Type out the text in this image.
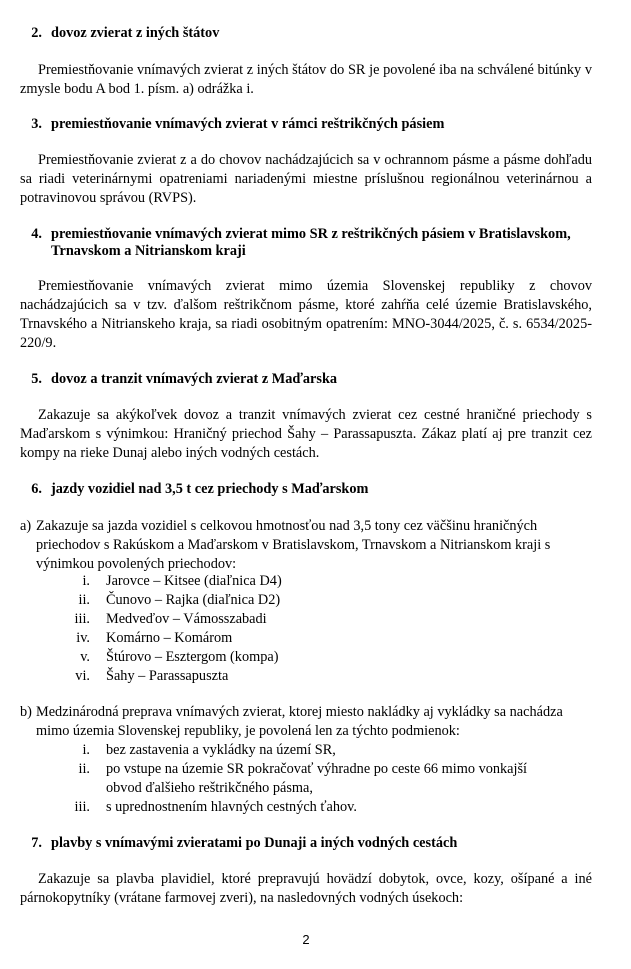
2. dovoz zvierat z iných štátov

Premiestňovanie vnímavých zvierat z iných štátov do SR je povolené iba na schválené bitúnky v zmysle bodu A bod 1. písm. a) odrážka i.

3. premiestňovanie vnímavých zvierat v rámci reštrikčných pásiem

Premiestňovanie zvierat z a do chovov nachádzajúcich sa v ochrannom pásme a pásme dohľadu sa riadi veterinárnymi opatreniami nariadenými miestne príslušnou regionálnou veterinárnou a potravinovou správou (RVPS).

4. premiestňovanie vnímavých zvierat mimo SR z reštrikčných pásiem v Bratislavskom, Trnavskom a Nitrianskom kraji

Premiestňovanie vnímavých zvierat mimo územia Slovenskej republiky z chovov nachádzajúcich sa v tzv. ďalšom reštrikčnom pásme, ktoré zahŕňa celé územie Bratislavského, Trnavského a Nitrianskeho kraja, sa riadi osobitným opatrením: MNO-3044/2025, č. s. 6534/2025-220/9.

5. dovoz a tranzit vnímavých zvierat z Maďarska

Zakazuje sa akýkoľvek dovoz a tranzit vnímavých zvierat cez cestné hraničné priechody s Maďarskom s výnimkou: Hraničný priechod Šahy – Parassapuszta. Zákaz platí aj pre tranzit cez kompy na rieke Dunaj alebo iných vodných cestách.

6. jazdy vozidiel nad 3,5 t cez priechody s Maďarskom
a) Zakazuje sa jazda vozidiel s celkovou hmotnosťou nad 3,5 tony cez väčšinu hraničných priechodov s Rakúskom a Maďarskom v Bratislavskom, Trnavskom a Nitrianskom kraji s výnimkou povolených priechodov:
i. Jarovce – Kitsee (diaľnica D4)
ii. Čunovo – Rajka (diaľnica D2)
iii. Medveďov – Vámosszabadi
iv. Komárno – Komárom
v. Štúrovo – Esztergom (kompa)
vi. Šahy – Parassapuszta
b) Medzinárodná preprava vnímavých zvierat, ktorej miesto nakládky aj vykládky sa nachádza mimo územia Slovenskej republiky, je povolená len za týchto podmienok:
i. bez zastavenia a vykládky na území SR,
ii. po vstupe na územie SR pokračovať výhradne po ceste 66 mimo vonkajší
obvod ďalšieho reštrikčného pásma,
iii. s uprednostnením hlavných cestných ťahov.
7. plavby s vnímavými zvieratami po Dunaji a iných vodných cestách

Zakazuje sa plavba plavidiel, ktoré prepravujú hovädzí dobytok, ovce, kozy, ošípané a iné párnokopytníky (vrátane farmovej zveri), na nasledovných vodných úsekoch:

2
